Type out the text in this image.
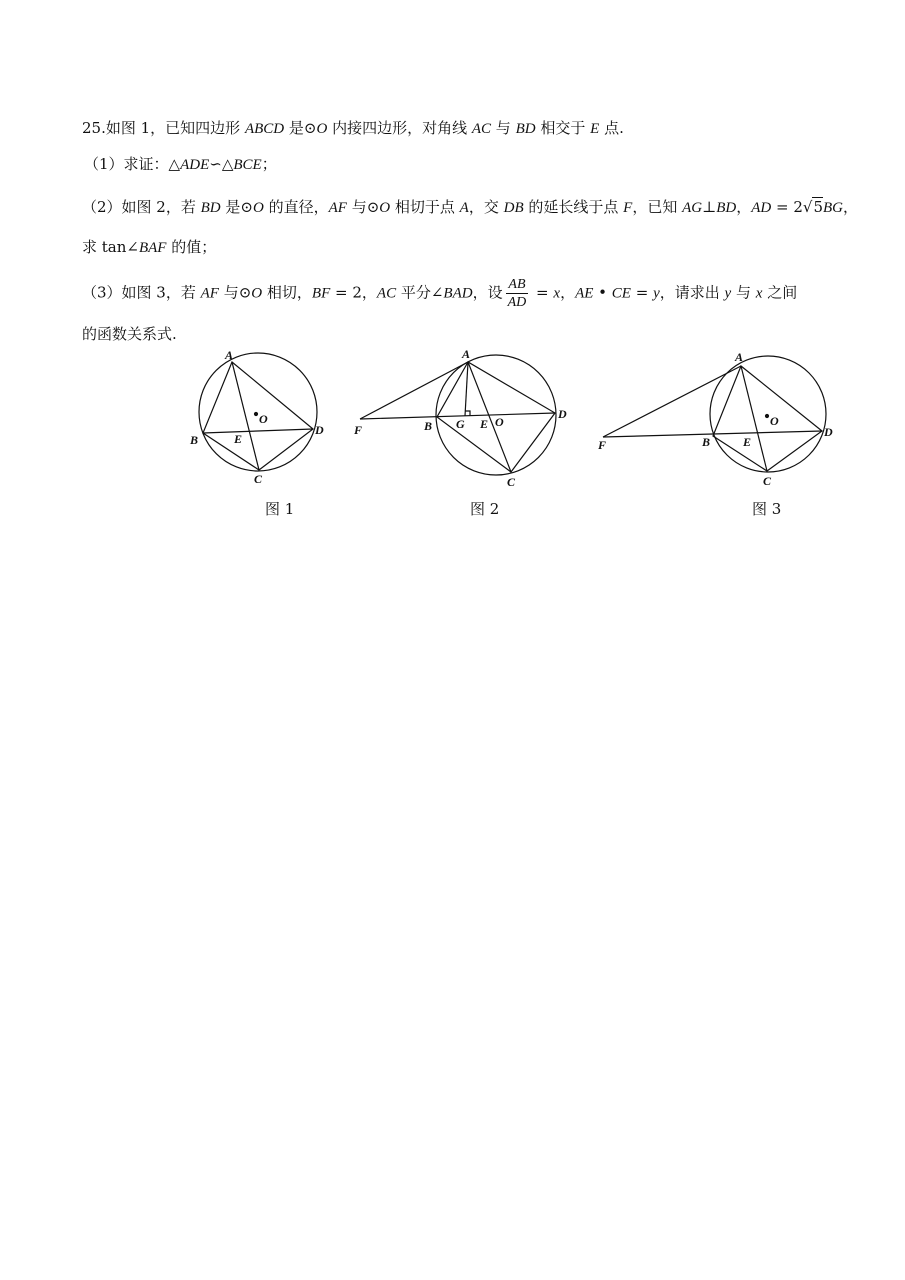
25.如图 1，已知四边形 ABCD 是⊙O 内接四边形，对角线 AC 与 BD 相交于 E 点.
（1）求证：△ADE∽△BCE；
（2）如图 2，若 BD 是⊙O 的直径，AF 与⊙O 相切于点 A，交 DB 的延长线于点 F，已知 AG⊥BD，AD = 2√5BG，
求 tan∠BAF 的值；
（3）如图 3，若 AF 与⊙O 相切，BF = 2，AC 平分∠BAD，设 $\frac{AB}{AD} = x$，AE • CE = y，请求出 y 与 x 之间
的函数关系式.
A
B
C
D
E
O
A
F	B G E O
D
C
A
F	B	E
O
D
C
图 1	图 2	图 3
